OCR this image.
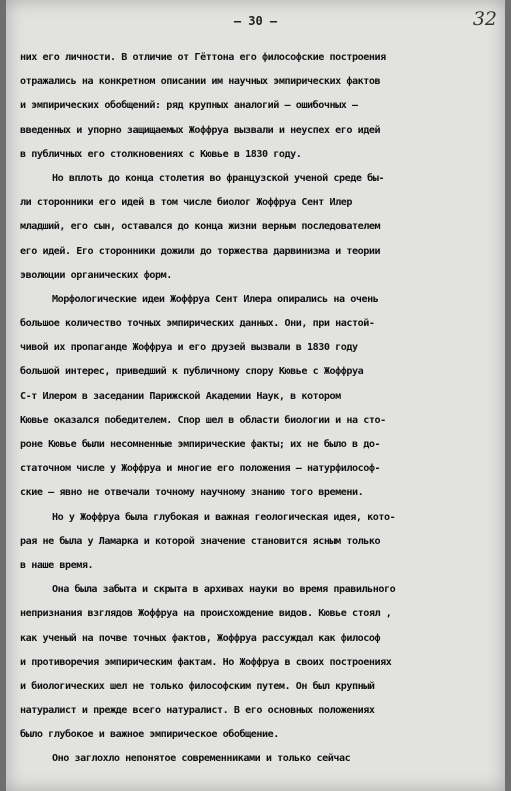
— 30 —	32
них его личности. В отличие от Гёттона его философские построения
отражались на конкретном описании им научных эмпирических фактов
и эмпирических обобщений: ряд крупных аналогий — ошибочных —
введенных и упорно защищаемых Жоффруа вызвали и неуспех его идей
в публичных его столкновениях с Кювье в 1830 году.
Но вплоть до конца столетия во французской ученой среде бы-
ли сторонники его идей в том числе биолог Жоффруа Сент Илер
младший, его сын, оставался до конца жизни верным последователем
его идей. Его сторонники дожили до торжества дарвинизма и теории
эволюции органических форм.
Морфологические идеи Жоффруа Сент Илера опирались на очень
большое количество точных эмпирических данных. Они, при настой-
чивой их пропаганде Жоффруа и его друзей вызвали в 1830 году
большой интерес, приведший к публичному спору Кювье с Жоффруа
С-т Илером в заседании Парижской Академии Наук, в котором
Кювье оказался победителем. Спор шел в области биологии и на сто-
роне Кювье были несомненные эмпирические факты; их не было в до-
статочном числе у Жоффруа и многие его положения — натурфилософ-
ские — явно не отвечали точному научному знанию того времени.
Но у Жоффруа была глубокая и важная геологическая идея, кото-
рая не была у Ламарка и которой значение становится ясным только
в наше время.
Она была забыта и скрыта в архивах науки во время правильного
непризнания взглядов Жоффруа на происхождение видов. Кювье стоял ,
как ученый на почве точных фактов, Жоффруа рассуждал как философ
и противоречия эмпирическим фактам. Но Жоффруа в своих построениях
и биологических шел не только философским путем. Он был крупный
натуралист и прежде всего натуралист. В его основных положениях
было глубокое и важное эмпирическое обобщение.
Оно заглохло непонятое современниками и только сейчас
